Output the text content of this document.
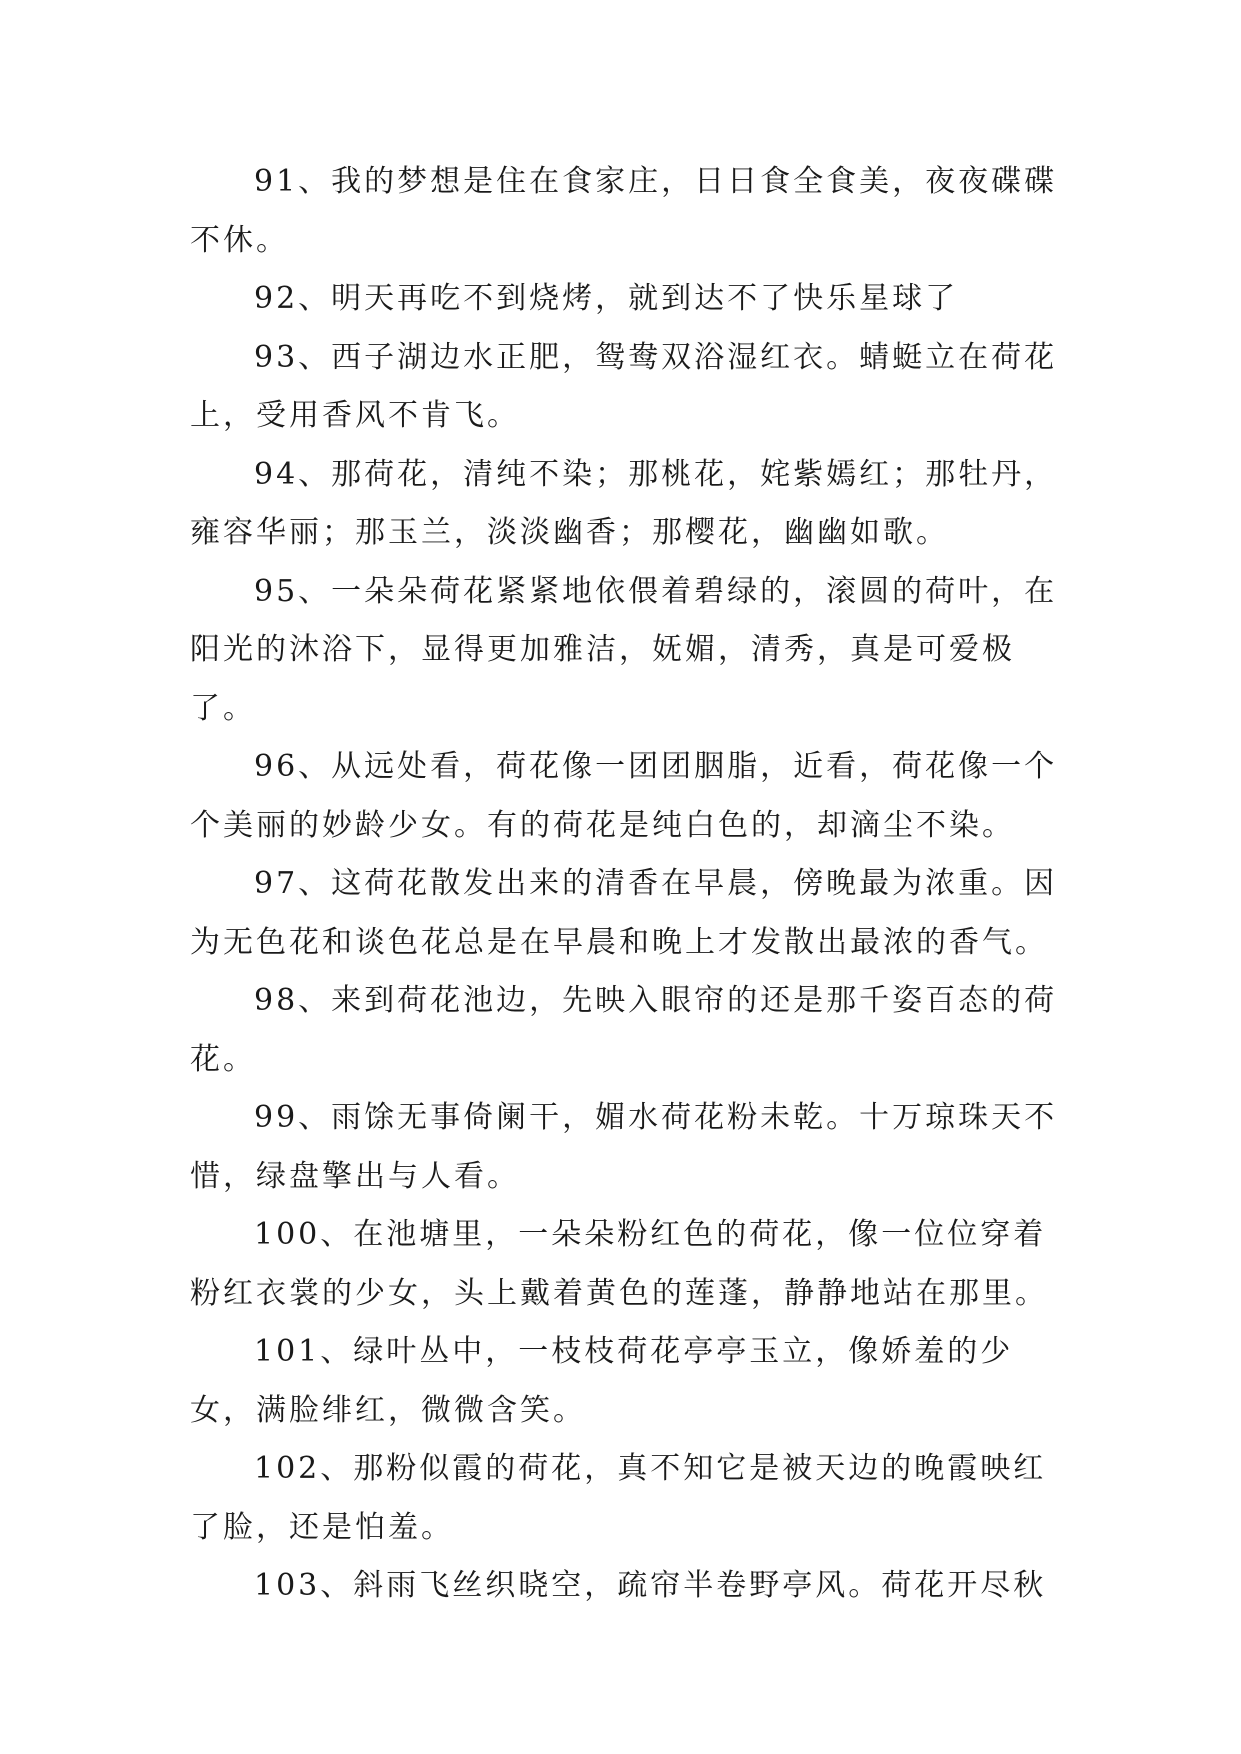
91、我的梦想是住在食家庄，日日食全食美，夜夜碟碟不休。

92、明天再吃不到烧烤，就到达不了快乐星球了

93、西子湖边水正肥，鸳鸯双浴湿红衣。蜻蜓立在荷花上，受用香风不肯飞。

94、那荷花，清纯不染；那桃花，姹紫嫣红；那牡丹，雍容华丽；那玉兰，淡淡幽香；那樱花，幽幽如歌。

95、一朵朵荷花紧紧地依偎着碧绿的，滚圆的荷叶，在阳光的沐浴下，显得更加雅洁，妩媚，清秀，真是可爱极了。

96、从远处看，荷花像一团团胭脂，近看，荷花像一个个美丽的妙龄少女。有的荷花是纯白色的，却滴尘不染。

97、这荷花散发出来的清香在早晨，傍晚最为浓重。因为无色花和谈色花总是在早晨和晚上才发散出最浓的香气。

98、来到荷花池边，先映入眼帘的还是那千姿百态的荷花。

99、雨馀无事倚阑干，媚水荷花粉未乾。十万琼珠天不惜，绿盘擎出与人看。

100、在池塘里，一朵朵粉红色的荷花，像一位位穿着粉红衣裳的少女，头上戴着黄色的莲蓬，静静地站在那里。

101、绿叶丛中，一枝枝荷花亭亭玉立，像娇羞的少女，满脸绯红，微微含笑。

102、那粉似霞的荷花，真不知它是被天边的晚霞映红了脸，还是怕羞。

103、斜雨飞丝织晓空，疏帘半卷野亭风。荷花开尽秋
